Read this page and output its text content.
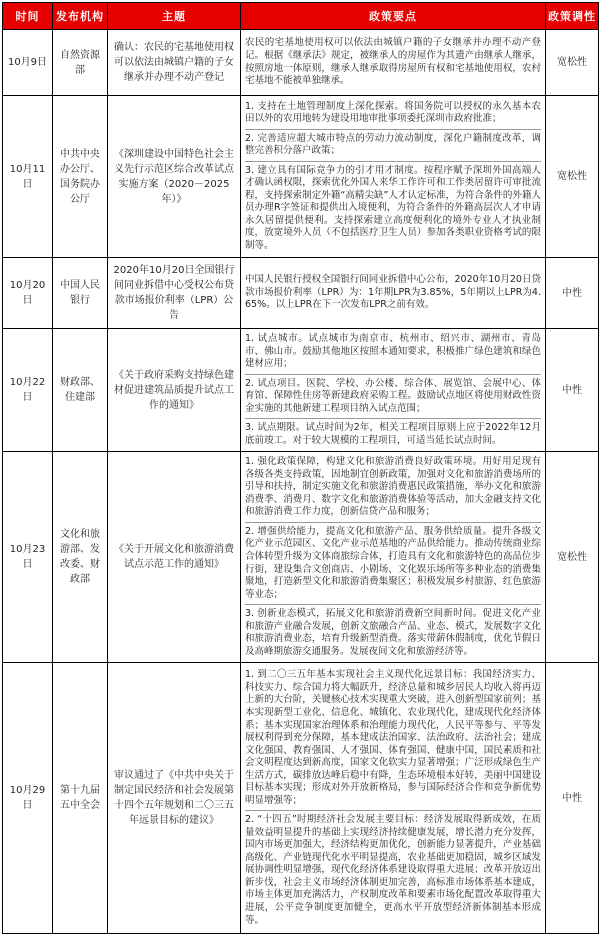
时间	发布机构	主题	政策要点	政策调性
10月9日	自然资源部	确认：农民的宅基地使用权可以依法由城镇户籍的子女继承并办理不动产登记	农民的宅基地使用权可以依法由城镇户籍的子女继承并办理不动产登记。根据《继承法》规定，被继承人的房屋作为其遗产由继承人继承，按照房地一体原则，继承人继承取得房屋所有权和宅基地使用权，农村宅基地不能被单独继承。	宽松性
10月11日	中共中央办公厅、国务院办公厅	《深圳建设中国特色社会主义先行示范区综合改革试点实施方案（2020－2025年）》	1. 支持在土地管理制度上深化探索。将国务院可以授权的永久基本农田以外的农用地转为建设用地审批事项委托深圳市政府批准；
2. 完善适应超大城市特点的劳动力流动制度，深化户籍制度改革，调整完善积分落户政策；
3. 建立具有国际竞争力的引才用才制度。按程序赋予深圳外国高端人才确认函权限，探索优化外国人来华工作许可和工作类居留许可审批流程，支持探索制定外籍“高精尖缺”人才认定标准，为符合条件的外籍人员办理R字签证和提供出入境便利，为符合条件的外籍高层次人才申请永久居留提供便利。支持探索建立高度便利化的境外专业人才执业制度，放宽境外人员（不包括医疗卫生人员）参加各类职业资格考试的限制等。	宽松性
10月20日	中国人民银行	2020年10月20日全国银行间同业拆借中心受权公布贷款市场报价利率（LPR）公告	中国人民银行授权全国银行间同业拆借中心公布，2020年10月20日贷款市场报价利率（LPR）为：1年期LPR为3.85%，5年期以上LPR为4.65%。以上LPR在下一次发布LPR之前有效。	中性
10月22日	财政部、住建部	《关于政府采购支持绿色建材促进建筑品质提升试点工作的通知》	1. 试点城市。试点城市为南京市、杭州市、绍兴市、湖州市、青岛市、佛山市。鼓励其他地区按照本通知要求，积极推广绿色建筑和绿色建材应用；
2. 试点项目。医院、学校、办公楼、综合体、展览馆、会展中心、体育馆、保障性住房等新建政府采购工程。鼓励试点地区将使用财政性资金实施的其他新建工程项目纳入试点范围；
3. 试点期限。试点时间为2年，相关工程项目原则上应于2022年12月底前竣工。对于较大规模的工程项目，可适当延长试点时间。	中性
10月23日	文化和旅游部、发改委、财政部	《关于开展文化和旅游消费试点示范工作的通知》	1. 强化政策保障，构建文化和旅游消费良好政策环境。用好用足现有各级各类支持政策，因地制宜创新政策，加强对文化和旅游消费场所的引导和扶持，制定实施文化和旅游消费惠民政策措施，举办文化和旅游消费季、消费月、数字文化和旅游消费体验等活动，加大金融支持文化和旅游消费工作力度，创新信贷产品和服务；
2. 增强供给能力，提高文化和旅游产品、服务供给质量。提升各级文化产业示范园区、文化产业示范基地的产品供给能力。推动传统商业综合体转型升级为文体商旅综合体，打造具有文化和旅游特色的高品位步行街，建设集合文创商店、小剧场、文化娱乐场所等多种业态的消费集聚地，打造新型文化和旅游消费集聚区；积极发展乡村旅游、红色旅游等业态；
3. 创新业态模式，拓展文化和旅游消费新空间新时间。促进文化产业和旅游产业融合发展，创新文旅融合产品、业态、模式，发展数字文化和旅游消费业态，培育升级新型消费。落实带薪休假制度，优化节假日及高峰期旅游交通服务。发展夜间文化和旅游经济等。	宽松性
10月29日	第十九届五中全会	审议通过了《中共中央关于制定国民经济和社会发展第十四个五年规划和二〇三五年远景目标的建议》	1. 到二〇三五年基本实现社会主义现代化远景目标：我国经济实力、科技实力、综合国力将大幅跃升，经济总量和城乡居民人均收入将再迈上新的大台阶，关键核心技术实现重大突破，进入创新型国家前列；基本实现新型工业化、信息化、城镇化、农业现代化，建成现代化经济体系；基本实现国家治理体系和治理能力现代化，人民平等参与、平等发展权利得到充分保障，基本建成法治国家、法治政府、法治社会；建成文化强国、教育强国、人才强国、体育强国、健康中国，国民素质和社会文明程度达到新高度，国家文化软实力显著增强；广泛形成绿色生产生活方式，碳排放达峰后稳中有降，生态环境根本好转，美丽中国建设目标基本实现；形成对外开放新格局，参与国际经济合作和竞争新优势明显增强等；
2. “十四五”时期经济社会发展主要目标：经济发展取得新成效，在质量效益明显提升的基础上实现经济持续健康发展，增长潜力充分发挥，国内市场更加强大，经济结构更加优化，创新能力显著提升，产业基础高级化、产业链现代化水平明显提高，农业基础更加稳固，城乡区域发展协调性明显增强，现代化经济体系建设取得重大进展；改革开放迈出新步伐，社会主义市场经济体制更加完善，高标准市场体系基本建成，市场主体更加充满活力，产权制度改革和要素市场化配置改革取得重大进展，公平竞争制度更加健全，更高水平开放型经济新体制基本形成等。	中性
